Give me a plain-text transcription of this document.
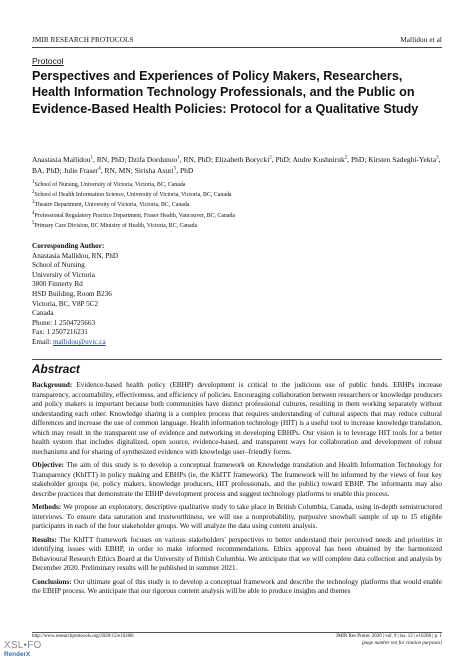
JMIR RESEARCH PROTOCOLS	Mallidou et al
Protocol
Perspectives and Experiences of Policy Makers, Researchers, Health Information Technology Professionals, and the Public on Evidence-Based Health Policies: Protocol for a Qualitative Study
Anastasia Mallidou$^1$, RN, PhD; Dzifa Dordunoo$^1$, RN, PhD; Elizabeth Borycki$^2$, PhD; Andre Kushniruk$^2$, PhD; Kirsten Sadeghi-Yekta$^3$, BA, PhD; Julie Fraser$^4$, RN, MN; Sirisha Asuri$^5$, PhD
$^1$School of Nursing, University of Victoria, Victoria, BC, Canada
$^2$School of Health Information Science, University of Victoria, Victoria, BC, Canada
$^3$Theatre Department, University of Victoria, Victoria, BC, Canada
$^4$Professional Regulatory Practice Department, Fraser Health, Vancouver, BC, Canada
$^5$Primary Care Division, BC Ministry of Health, Victoria, BC, Canada
Corresponding Author:
Anastasia Mallidou, RN, PhD
School of Nursing
University of Victoria
3800 Finnerty Rd
HSD Building, Room B236
Victoria, BC, V8P 5C2
Canada
Phone: 1 2504725663
Fax: 1 2507216231
Email: mallidou@uvic.ca
Abstract

Background: Evidence-based health policy (EBHP) development is critical to the judicious use of public funds. EBHPs increase transparency, accountability, effectiveness, and efficiency of policies. Encouraging collaboration between researchers or knowledge producers and policy makers is important because both communities have distinct professional cultures, resulting in them working separately without understanding each other. Knowledge sharing is a complex process that requires understanding of cultural aspects that may reduce cultural differences and increase the use of common language. Health information technology (HIT) is a useful tool to increase knowledge translation, which may result in the transparent use of evidence and networking in developing EBHPs. Our vision is to leverage HIT tools for a better health system that includes digitalized, open source, evidence-based, and transparent ways for collaboration and development of robust mechanisms and for sharing of synthesized evidence with knowledge user–friendly forms.

Objective: The aim of this study is to develop a conceptual framework on Knowledge translation and Health Information Technology for Transparency (KhITT) in policy making and EBHPs (ie, the KhITT framework). The framework will be informed by the views of four key stakeholder groups (ie, policy makers, knowledge producers, HIT professionals, and the public) toward EBHP. The informants may also describe practices that demonstrate the EBHP development process and suggest technology platforms to enable this process.

Methods: We propose an exploratory, descriptive qualitative study to take place in British Columbia, Canada, using in-depth semistructured interviews. To ensure data saturation and trustworthiness, we will use a nonprobability, purposive snowball sample of up to 15 eligible participants in each of the four stakeholder groups. We will analyze the data using content analysis.

Results: The KhITT framework focuses on various stakeholders' perspectives to better understand their perceived needs and priorities in identifying issues with EBHP, in order to make informed recommendations. Ethics approval has been obtained by the harmonized Behavioural Research Ethics Board at the University of British Columbia. We anticipate that we will complete data collection and analysis by December 2020. Preliminary results will be published in summer 2021.

Conclusions: Our ultimate goal of this study is to develop a conceptual framework and describe the technology platforms that would enable the EBHP process. We anticipate that our rigorous content analysis will be able to produce insights and themes

http://www.researchprotocols.org/2020/12/e16268/	JMIR Res Protoc 2020 | vol. 9 | iss. 12 | e16268 | p. 1
(page number not for citation purposes)
XSL•FO
RenderX
